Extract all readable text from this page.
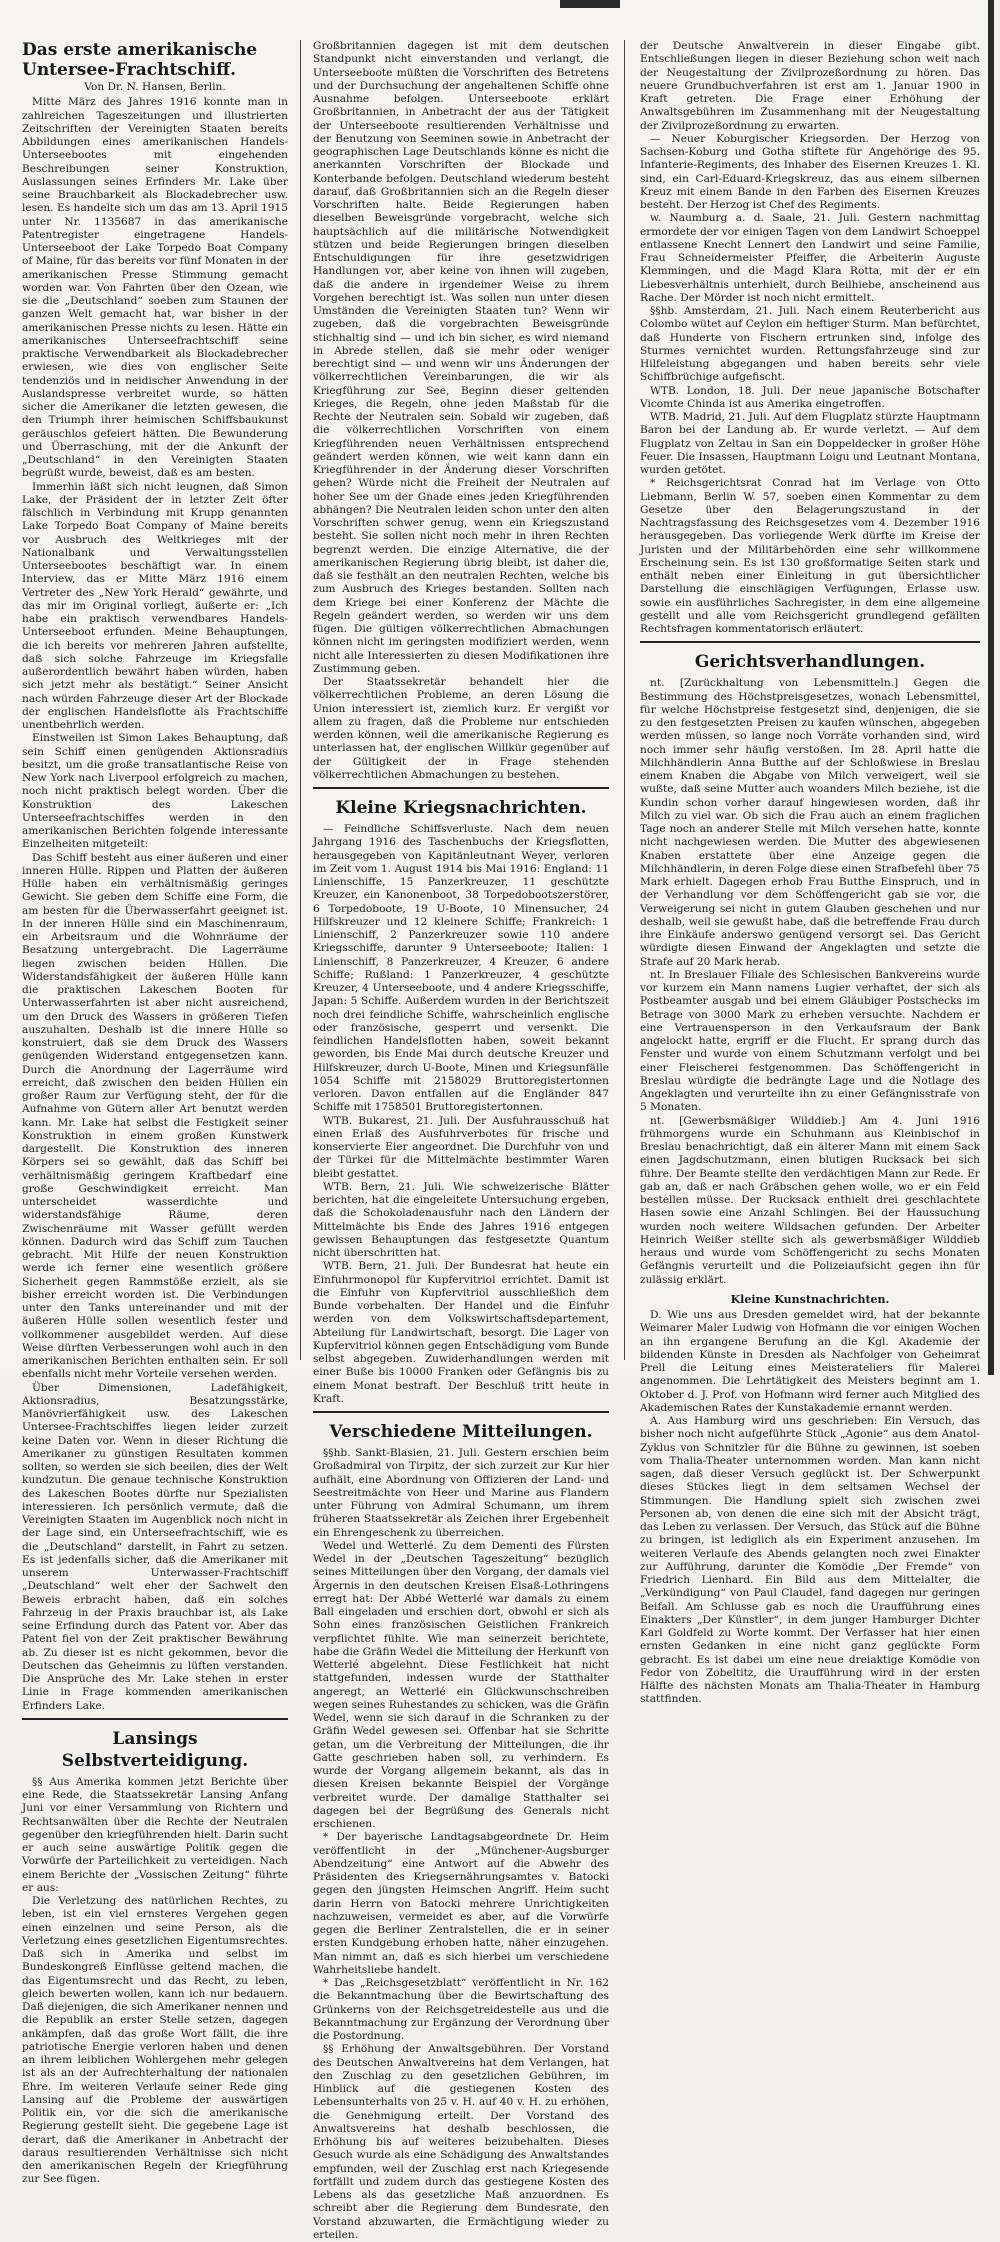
Das erste amerikanische Untersee-Frachtschiff.
Von Dr. N. Hansen, Berlin.

Mitte März des Jahres 1916 konnte man in zahlreichen Tageszeitungen und illustrierten Zeitschriften der Vereinigten Staaten bereits Abbildungen eines amerikanischen Handels-Unterseebootes mit eingehenden Beschreibungen seiner Konstruktion, Auslassungen seines Erfinders Mr. Lake über seine Brauchbarkeit als Blockadebrecher usw. lesen. Es handelte sich um das am 13. April 1915 unter Nr. 1135687 in das amerikanische Patentregister eingetragene Handels-Unterseeboot der Lake Torpedo Boat Company of Maine, für das bereits vor fünf Monaten in der amerikanischen Presse Stimmung gemacht worden war. Von Fahrten über den Ozean, wie sie die „Deutschland“ soeben zum Staunen der ganzen Welt gemacht hat, war bisher in der amerikanischen Presse nichts zu lesen. Hätte ein amerikanisches Unterseefrachtschiff seine praktische Verwendbarkeit als Blockadebrecher erwiesen, wie dies von englischer Seite tendenziös und in neidischer Anwendung in der Auslandspresse verbreitet wurde, so hätten sicher die Amerikaner die letzten gewesen, die den Triumph ihrer heimischen Schiffsbaukunst geräuschlos gefeiert hätten. Die Bewunderung und Überraschung, mit der die Ankunft der „Deutschland“ in den Vereinigten Staaten begrüßt wurde, beweist, daß es am besten.

Immerhin läßt sich nicht leugnen, daß Simon Lake, der Präsident der in letzter Zeit öfter fälschlich in Verbindung mit Krupp genannten Lake Torpedo Boat Company of Maine bereits vor Ausbruch des Weltkrieges mit der Nationalbank und Verwaltungsstellen Unterseebootes beschäftigt war. In einem Interview, das er Mitte März 1916 einem Vertreter des „New York Herald“ gewährte, und das mir im Original vorliegt, äußerte er: „Ich habe ein praktisch verwendbares Handels-Unterseeboot erfunden. Meine Behauptungen, die ich bereits vor mehreren Jahren aufstellte, daß sich solche Fahrzeuge im Kriegsfalle außerordentlich bewährt haben würden, haben sich jetzt mehr als bestätigt.“ Seiner Ansicht nach würden Fahrzeuge dieser Art der Blockade der englischen Handelsflotte als Frachtschiffe unentbehrlich werden.

Einstweilen ist Simon Lakes Behauptung, daß sein Schiff einen genügenden Aktionsradius besitzt, um die große transatlantische Reise von New York nach Liverpool erfolgreich zu machen, noch nicht praktisch belegt worden. Über die Konstruktion des Lakeschen Unterseefrachtschiffes werden in den amerikanischen Berichten folgende interessante Einzelheiten mitgeteilt:

Das Schiff besteht aus einer äußeren und einer inneren Hülle. Rippen und Platten der äußeren Hülle haben ein verhältnismäßig geringes Gewicht. Sie geben dem Schiffe eine Form, die am besten für die Überwasserfahrt geeignet ist. In der inneren Hülle sind ein Maschinenraum, ein Arbeitsraum und die Wohnräume der Besatzung untergebracht. Die Lagerräume liegen zwischen beiden Hüllen. Die Widerstandsfähigkeit der äußeren Hülle kann die praktischen Lakeschen Booten für Unterwasserfahrten ist aber nicht ausreichend, um den Druck des Wassers in größeren Tiefen auszuhalten. Deshalb ist die innere Hülle so konstruiert, daß sie dem Druck des Wassers genügenden Widerstand entgegensetzen kann. Durch die Anordnung der Lagerräume wird erreicht, daß zwischen den beiden Hüllen ein großer Raum zur Verfügung steht, der für die Aufnahme von Gütern aller Art benutzt werden kann. Mr. Lake hat selbst die Festigkeit seiner Konstruktion in einem großen Kunstwerk dargestellt. Die Konstruktion des inneren Körpers sei so gewählt, daß das Schiff bei verhältnismäßig geringem Kraftbedarf eine große Geschwindigkeit erreicht. Man unterscheidet wasserdichte und widerstandsfähige Räume, deren Zwischenräume mit Wasser gefüllt werden können. Dadurch wird das Schiff zum Tauchen gebracht. Mit Hilfe der neuen Konstruktion werde ich ferner eine wesentlich größere Sicherheit gegen Rammstöße erzielt, als sie bisher erreicht worden ist. Die Verbindungen unter den Tanks untereinander und mit der äußeren Hülle sollen wesentlich fester und vollkommener ausgebildet werden. Auf diese Weise dürften Verbesserungen wohl auch in den amerikanischen Berichten enthalten sein. Er soll ebenfalls nicht mehr Vorteile versehen werden.

Über Dimensionen, Ladefähigkeit, Aktionsradius, Besatzungsstärke, Manövrierfähigkeit usw. des Lakeschen Untersee-Frachtschiffes liegen leider zurzeit keine Daten vor. Wenn in dieser Richtung die Amerikaner zu günstigen Resultaten kommen sollten, so werden sie sich beeilen, dies der Welt kundzutun. Die genaue technische Konstruktion des Lakeschen Bootes dürfte nur Spezialisten interessieren. Ich persönlich vermute, daß die Vereinigten Staaten im Augenblick noch nicht in der Lage sind, ein Unterseefrachtschiff, wie es die „Deutschland“ darstellt, in Fahrt zu setzen. Es ist jedenfalls sicher, daß die Amerikaner mit unserem Unterwasser-Frachtschiff „Deutschland“ welt eher der Sachwelt den Beweis erbracht haben, daß ein solches Fahrzeug in der Praxis brauchbar ist, als Lake seine Erfindung durch das Patent vor. Aber das Patent fiel von der Zeit praktischer Bewährung ab. Zu dieser ist es nicht gekommen, bevor die Deutschen das Geheimnis zu lüften verstanden. Die Ansprüche des Mr. Lake stehen in erster Linie in Frage kommenden amerikanischen Erfinders Lake.

Lansings Selbstverteidigung.

§§ Aus Amerika kommen jetzt Berichte über eine Rede, die Staatssekretär Lansing Anfang Juni vor einer Versammlung von Richtern und Rechtsanwälten über die Rechte der Neutralen gegenüber den kriegführenden hielt. Darin sucht er auch seine auswärtige Politik gegen die Vorwürfe der Parteilichkeit zu verteidigen. Nach einem Berichte der „Vossischen Zeitung“ führte er aus:

Die Verletzung des natürlichen Rechtes, zu leben, ist ein viel ernsteres Vergehen gegen einen einzelnen und seine Person, als die Verletzung eines gesetzlichen Eigentumsrechtes. Daß sich in Amerika und selbst im Bundeskongreß Einflüsse geltend machen, die das Eigentumsrecht und das Recht, zu leben, gleich bewerten wollen, kann ich nur bedauern. Daß diejenigen, die sich Amerikaner nennen und die Republik an erster Stelle setzen, dagegen ankämpfen, daß das große Wort fällt, die ihre patriotische Energie verloren haben und denen an ihrem leiblichen Wohlergehen mehr gelegen ist als an der Aufrechterhaltung der nationalen Ehre. Im weiteren Verlaufe seiner Rede ging Lansing auf die Probleme der auswärtigen Politik ein, vor die sich die amerikanische Regierung gestellt sieht. Die gegebene Lage ist derart, daß die Amerikaner in Anbetracht der daraus resultierenden Verhältnisse sich nicht den amerikanischen Regeln der Kriegführung zur See fügen.

Großbritannien dagegen ist mit dem deutschen Standpunkt nicht einverstanden und verlangt, die Unterseeboote müßten die Vorschriften des Betretens und der Durchsuchung der angehaltenen Schiffe ohne Ausnahme befolgen. Unterseeboote erklärt Großbritannien, in Anbetracht der aus der Tätigkeit der Unterseeboote resultierenden Verhältnisse und der Benutzung von Seeminen sowie in Anbetracht der geographischen Lage Deutschlands könne es nicht die anerkannten Vorschriften der Blockade und Konterbande befolgen. Deutschland wiederum besteht darauf, daß Großbritannien sich an die Regeln dieser Vorschriften halte. Beide Regierungen haben dieselben Beweisgründe vorgebracht, welche sich hauptsächlich auf die militärische Notwendigkeit stützen und beide Regierungen bringen dieselben Entschuldigungen für ihre gesetzwidrigen Handlungen vor, aber keine von ihnen will zugeben, daß die andere in irgendeiner Weise zu ihrem Vorgehen berechtigt ist. Was sollen nun unter diesen Umständen die Vereinigten Staaten tun? Wenn wir zugeben, daß die vorgebrachten Beweisgründe stichhaltig sind — und ich bin sicher, es wird niemand in Abrede stellen, daß sie mehr oder weniger berechtigt sind — und wenn wir uns Änderungen der völkerrechtlichen Vereinbarungen, die wir als Kriegführung zur See, Beginn dieser geltenden Krieges, die Regeln, ohne jeden Maßstab für die Rechte der Neutralen sein. Sobald wir zugeben, daß die völkerrechtlichen Vorschriften von einem Kriegführenden neuen Verhältnissen entsprechend geändert werden können, wie weit kann dann ein Kriegführender in der Änderung dieser Vorschriften gehen? Würde nicht die Freiheit der Neutralen auf hoher See um der Gnade eines jeden Kriegführenden abhängen? Die Neutralen leiden schon unter den alten Vorschriften schwer genug, wenn ein Kriegszustand besteht. Sie sollen nicht noch mehr in ihren Rechten begrenzt werden. Die einzige Alternative, die der amerikanischen Regierung übrig bleibt, ist daher die, daß sie festhält an den neutralen Rechten, welche bis zum Ausbruch des Krieges bestanden. Sollten nach dem Kriege bei einer Konferenz der Mächte die Regeln geändert werden, so werden wir uns dem fügen. Die gültigen völkerrechtlichen Abmachungen können nicht im geringsten modifiziert werden, wenn nicht alle Interessierten zu diesen Modifikationen ihre Zustimmung geben.

Der Staatssekretär behandelt hier die völkerrechtlichen Probleme, an deren Lösung die Union interessiert ist, ziemlich kurz. Er vergißt vor allem zu fragen, daß die Probleme nur entschieden werden können, weil die amerikanische Regierung es unterlassen hat, der englischen Willkür gegenüber auf der Gültigkeit der in Frage stehenden völkerrechtlichen Abmachungen zu bestehen.

Kleine Kriegsnachrichten.

— Feindliche Schiffsverluste. Nach dem neuen Jahrgang 1916 des Taschenbuchs der Kriegsflotten, herausgegeben von Kapitänleutnant Weyer, verloren im Zeit vom 1. August 1914 bis Mai 1916: England: 11 Linienschiffe, 15 Panzerkreuzer, 11 geschützte Kreuzer, ein Kanonenboot, 38 Torpedobootszerstörer, 6 Torpedoboote, 19 U-Boote, 10 Minensucher, 24 Hilfskreuzer und 12 kleinere Schiffe; Frankreich: 1 Linienschiff, 2 Panzerkreuzer sowie 110 andere Kriegsschiffe, darunter 9 Unterseeboote; Italien: 1 Linienschiff, 8 Panzerkreuzer, 4 Kreuzer, 6 andere Schiffe; Rußland: 1 Panzerkreuzer, 4 geschützte Kreuzer, 4 Unterseeboote, und 4 andere Kriegsschiffe, Japan: 5 Schiffe. Außerdem wurden in der Berichtszeit noch drei feindliche Schiffe, wahrscheinlich englische oder französische, gesperrt und versenkt. Die feindlichen Handelsflotten haben, soweit bekannt geworden, bis Ende Mai durch deutsche Kreuzer und Hilfskreuzer, durch U-Boote, Minen und Kriegsunfälle 1054 Schiffe mit 2158029 Bruttoregistertonnen verloren. Davon entfallen auf die Engländer 847 Schiffe mit 1758501 Bruttoregistertonnen.

WTB. Bukarest, 21. Juli. Der Ausfuhrausschuß hat einen Erlaß des Ausfuhrverbotes für frische und konservierte Eier angeordnet. Die Durchfuhr von und der Türkei für die Mittelmächte bestimmter Waren bleibt gestattet.

WTB. Bern, 21. Juli. Wie schweizerische Blätter berichten, hat die eingeleitete Untersuchung ergeben, daß die Schokoladenausfuhr nach den Ländern der Mittelmächte bis Ende des Jahres 1916 entgegen gewissen Behauptungen das festgesetzte Quantum nicht überschritten hat.

WTB. Bern, 21. Juli. Der Bundesrat hat heute ein Einfuhrmonopol für Kupfervitriol errichtet. Damit ist die Einfuhr von Kupfervitriol ausschließlich dem Bunde vorbehalten. Der Handel und die Einfuhr werden von dem Volkswirtschaftsdepartement, Abteilung für Landwirtschaft, besorgt. Die Lager von Kupfervitriol können gegen Entschädigung vom Bunde selbst abgegeben. Zuwiderhandlungen werden mit einer Buße bis 10000 Franken oder Gefängnis bis zu einem Monat bestraft. Der Beschluß tritt heute in Kraft.

Verschiedene Mitteilungen.

§§hb. Sankt-Blasien, 21. Juli. Gestern erschien beim Großadmiral von Tirpitz, der sich zurzeit zur Kur hier aufhält, eine Abordnung von Offizieren der Land- und Seestreitmächte von Heer und Marine aus Flandern unter Führung von Admiral Schumann, um ihrem früheren Staatssekretär als Zeichen ihrer Ergebenheit ein Ehrengeschenk zu überreichen.

Wedel und Wetterlé. Zu dem Dementi des Fürsten Wedel in der „Deutschen Tageszeitung“ bezüglich seines Mitteilungen über den Vorgang, der damals viel Ärgernis in den deutschen Kreisen Elsaß-Lothringens erregt hat: Der Abbé Wetterlé war damals zu einem Ball eingeladen und erschien dort, obwohl er sich als Sohn eines französischen Geistlichen Frankreich verpflichtet fühlte. Wie man seinerzeit berichtete, habe die Gräfin Wedel die Mitteilung der Herkunft von Wetterlé abgelehnt. Diese Festlichkeit hat nicht stattgefunden, indessen wurde der Statthalter angeregt, an Wetterlé ein Glückwunschschreiben wegen seines Ruhestandes zu schicken, was die Gräfin Wedel, wenn sie sich darauf in die Schranken zu der Gräfin Wedel gewesen sei. Offenbar hat sie Schritte getan, um die Verbreitung der Mitteilungen, die ihr Gatte geschrieben haben soll, zu verhindern. Es wurde der Vorgang allgemein bekannt, als das in diesen Kreisen bekannte Beispiel der Vorgänge verbreitet wurde. Der damalige Statthalter sei dagegen bei der Begrüßung des Generals nicht erschienen.

* Der bayerische Landtagsabgeordnete Dr. Heim veröffentlicht in der „Münchener-Augsburger Abendzeitung“ eine Antwort auf die Abwehr des Präsidenten des Kriegsernährungsamtes v. Batocki gegen den jüngsten Heimschen Angriff. Heim sucht darin Herrn von Batocki mehrere Unrichtigkeiten nachzuweisen, vermeidet es aber, auf die Vorwürfe gegen die Berliner Zentralstellen, die er in seiner ersten Kundgebung erhoben hatte, näher einzugehen. Man nimmt an, daß es sich hierbei um verschiedene Wahrheitsliebe handelt.

* Das „Reichsgesetzblatt“ veröffentlicht in Nr. 162 die Bekanntmachung über die Bewirtschaftung des Grünkerns von der Reichsgetreidestelle aus und die Bekanntmachung zur Ergänzung der Verordnung über die Postordnung.

§§ Erhöhung der Anwaltsgebühren. Der Vorstand des Deutschen Anwaltvereins hat dem Verlangen, hat den Zuschlag zu den gesetzlichen Gebühren, im Hinblick auf die gestiegenen Kosten des Lebensunterhalts von 25 v. H. auf 40 v. H. zu erhöhen, die Genehmigung erteilt. Der Vorstand des Anwaltsvereins hat deshalb beschlossen, die Erhöhung bis auf weiteres beizubehalten. Dieses Gesuch wurde als eine Schädigung des Anwaltstandes empfunden, weil der Zuschlag erst nach Kriegesende fortfällt und zudem durch das gestiegene Kosten des Lebens als das gesetzliche Maß anzuordnen. Es schreibt aber die Regierung dem Bundesrate, den Vorstand abzuwarten, die Ermächtigung wieder zu erteilen.

der Deutsche Anwaltverein in dieser Eingabe gibt. Entschließungen liegen in dieser Beziehung schon weit nach der Neugestaltung der Zivilprozeßordnung zu hören. Das neuere Grundbuchverfahren ist erst am 1. Januar 1900 in Kraft getreten. Die Frage einer Erhöhung der Anwaltsgebühren im Zusammenhang mit der Neugestaltung der Zivilprozeßordnung zu erwarten.

— Neuer Koburgischer Kriegsorden. Der Herzog von Sachsen-Koburg und Gotha stiftete für Angehörige des 95. Infanterie-Regiments, des Inhaber des Eisernen Kreuzes 1. Kl. sind, ein Carl-Eduard-Kriegskreuz, das aus einem silbernen Kreuz mit einem Bande in den Farben des Eisernen Kreuzes besteht. Der Herzog ist Chef des Regiments.

w. Naumburg a. d. Saale, 21. Juli. Gestern nachmittag ermordete der vor einigen Tagen von dem Landwirt Schoeppel entlassene Knecht Lennert den Landwirt und seine Familie, Frau Schneidermeister Pfeiffer, die Arbeiterin Auguste Klemmingen, und die Magd Klara Rotta, mit der er ein Liebesverhältnis unterhielt, durch Beilhiebe, anscheinend aus Rache. Der Mörder ist noch nicht ermittelt.

§§hb. Amsterdam, 21. Juli. Nach einem Reuterbericht aus Colombo wütet auf Ceylon ein heftiger Sturm. Man befürchtet, daß Hunderte von Fischern ertrunken sind, infolge des Sturmes vernichtet wurden. Rettungsfahrzeuge sind zur Hilfeleistung abgegangen und haben bereits sehr viele Schiffbrüchige aufgefischt.

WTB. London, 18. Juli. Der neue japanische Botschafter Vicomte Chinda ist aus Amerika eingetroffen.

WTB. Madrid, 21. Juli. Auf dem Flugplatz stürzte Hauptmann Baron bei der Landung ab. Er wurde verletzt. — Auf dem Flugplatz von Zeltau in San ein Doppeldecker in großer Höhe Feuer. Die Insassen, Hauptmann Loigu und Leutnant Montana, wurden getötet.

* Reichsgerichtsrat Conrad hat im Verlage von Otto Liebmann, Berlin W. 57, soeben einen Kommentar zu dem Gesetze über den Belagerungszustand in der Nachtragsfassung des Reichsgesetzes vom 4. Dezember 1916 herausgegeben. Das vorliegende Werk dürfte im Kreise der Juristen und der Militärbehörden eine sehr willkommene Erscheinung sein. Es ist 130 großformatige Seiten stark und enthält neben einer Einleitung in gut übersichtlicher Darstellung die einschlägigen Verfügungen, Erlasse usw. sowie ein ausführliches Sachregister, in dem eine allgemeine gestellt und alle vom Reichsgericht grundlegend gefällten Rechtsfragen kommentatorisch erläutert.

Gerichtsverhandlungen.

nt. [Zurückhaltung von Lebensmitteln.] Gegen die Bestimmung des Höchstpreisgesetzes, wonach Lebensmittel, für welche Höchstpreise festgesetzt sind, denjenigen, die sie zu den festgesetzten Preisen zu kaufen wünschen, abgegeben werden müssen, so lange noch Vorräte vorhanden sind, wird noch immer sehr häufig verstoßen. Im 28. April hatte die Milchhändlerin Anna Butthe auf der Schloßwiese in Breslau einem Knaben die Abgabe von Milch verweigert, weil sie wußte, daß seine Mutter auch woanders Milch beziehe, ist die Kundin schon vorher darauf hingewiesen worden, daß ihr Milch zu viel war. Ob sich die Frau auch an einem fraglichen Tage noch an anderer Stelle mit Milch versehen hatte, konnte nicht nachgewiesen werden. Die Mutter des abgewiesenen Knaben erstattete über eine Anzeige gegen die Milchhändlerin, in deren Folge diese einen Strafbefehl über 75 Mark erhielt. Dagegen erhob Frau Butthe Einspruch, und in der Verhandlung vor dem Schöffengericht gab sie vor, die Verweigerung sei nicht in gutem Glauben geschehen und nur deshalb, weil sie gewußt habe, daß die betreffende Frau durch ihre Einkäufe anderswo genügend versorgt sei. Das Gericht würdigte diesen Einwand der Angeklagten und setzte die Strafe auf 20 Mark herab.

nt. In Breslauer Filiale des Schlesischen Bankvereins wurde vor kurzem ein Mann namens Lugier verhaftet, der sich als Postbeamter ausgab und bei einem Gläubiger Postschecks im Betrage von 3000 Mark zu erheben versuchte. Nachdem er eine Vertrauensperson in den Verkaufsraum der Bank angelockt hatte, ergriff er die Flucht. Er sprang durch das Fenster und wurde von einem Schutzmann verfolgt und bei einer Fleischerei festgenommen. Das Schöffengericht in Breslau würdigte die bedrängte Lage und die Notlage des Angeklagten und verurteilte ihn zu einer Gefängnisstrafe von 5 Monaten.

nt. [Gewerbsmäßiger Wilddieb.] Am 4. Juni 1916 frühmorgens wurde ein Schuhmann aus Kleinbischof in Breslau benachrichtigt, daß ein älterer Mann mit einem Sack einen Jagdschutzmann, einen blutigen Rucksack bei sich führe. Der Beamte stellte den verdächtigen Mann zur Rede. Er gab an, daß er nach Gräbschen gehen wolle, wo er ein Feld bestellen müsse. Der Rucksack enthielt drei geschlachtete Hasen sowie eine Anzahl Schlingen. Bei der Haussuchung wurden noch weitere Wildsachen gefunden. Der Arbeiter Heinrich Weißer stellte sich als gewerbsmäßiger Wilddieb heraus und wurde vom Schöffengericht zu sechs Monaten Gefängnis verurteilt und die Polizeiaufsicht gegen ihn für zulässig erklärt.

Kleine Kunstnachrichten.

D. Wie uns aus Dresden gemeldet wird, hat der bekannte Weimarer Maler Ludwig von Hofmann die vor einigen Wochen an ihn ergangene Berufung an die Kgl. Akademie der bildenden Künste in Dresden als Nachfolger von Geheimrat Prell die Leitung eines Meisterateliers für Malerei angenommen. Die Lehrtätigkeit des Meisters beginnt am 1. Oktober d. J. Prof. von Hofmann wird ferner auch Mitglied des Akademischen Rates der Kunstakademie ernannt werden.

A. Aus Hamburg wird uns geschrieben: Ein Versuch, das bisher noch nicht aufgeführte Stück „Agonie“ aus dem Anatol-Zyklus von Schnitzler für die Bühne zu gewinnen, ist soeben vom Thalia-Theater unternommen worden. Man kann nicht sagen, daß dieser Versuch geglückt ist. Der Schwerpunkt dieses Stückes liegt in dem seltsamen Wechsel der Stimmungen. Die Handlung spielt sich zwischen zwei Personen ab, von denen die eine sich mit der Absicht trägt, das Leben zu verlassen. Der Versuch, das Stück auf die Bühne zu bringen, ist lediglich als ein Experiment anzusehen. Im weiteren Verlaufe des Abends gelangten noch zwei Einakter zur Aufführung, darunter die Komödie „Der Fremde“ von Friedrich Lienhard. Ein Bild aus dem Mittelalter, die „Verkündigung“ von Paul Claudel, fand dagegen nur geringen Beifall. Am Schlusse gab es noch die Uraufführung eines Einakters „Der Künstler“, in dem junger Hamburger Dichter Karl Goldfeld zu Worte kommt. Der Verfasser hat hier einen ernsten Gedanken in eine nicht ganz geglückte Form gebracht. Es ist dabei um eine neue dreiaktige Komödie von Fedor von Zobeltitz, die Uraufführung wird in der ersten Hälfte des nächsten Monats am Thalia-Theater in Hamburg stattfinden.
